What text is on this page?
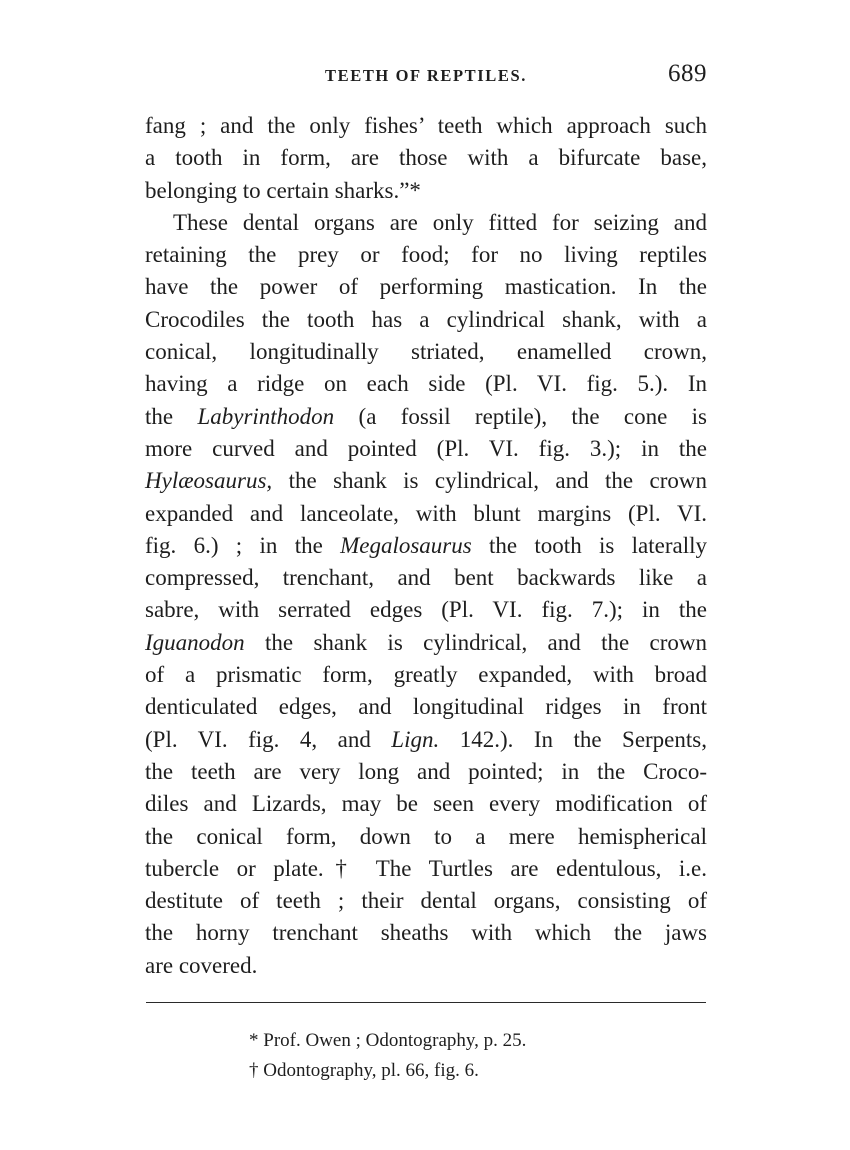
TEETH OF REPTILES.	689
fang ; and the only fishes’ teeth which approach such
a tooth in form, are those with a bifurcate base,
belonging to certain sharks.”*
These dental organs are only fitted for seizing and
retaining the prey or food; for no living reptiles
have the power of performing mastication. In the
Crocodiles the tooth has a cylindrical shank, with a
conical, longitudinally striated, enamelled crown,
having a ridge on each side (Pl. VI. fig. 5.). In
the Labyrinthodon (a fossil reptile), the cone is
more curved and pointed (Pl. VI. fig. 3.); in the
Hylæosaurus, the shank is cylindrical, and the crown
expanded and lanceolate, with blunt margins (Pl. VI.
fig. 6.) ; in the Megalosaurus the tooth is laterally
compressed, trenchant, and bent backwards like a
sabre, with serrated edges (Pl. VI. fig. 7.); in the
Iguanodon the shank is cylindrical, and the crown
of a prismatic form, greatly expanded, with broad
denticulated edges, and longitudinal ridges in front
(Pl. VI. fig. 4, and Lign. 142.). In the Serpents,
the teeth are very long and pointed; in the Croco-
diles and Lizards, may be seen every modification of
the conical form, down to a mere hemispherical
tubercle or plate.† The Turtles are edentulous, i.e.
destitute of teeth ; their dental organs, consisting of
the horny trenchant sheaths with which the jaws
are covered.
* Prof. Owen ; Odontography, p. 25.
† Odontography, pl. 66, fig. 6.
